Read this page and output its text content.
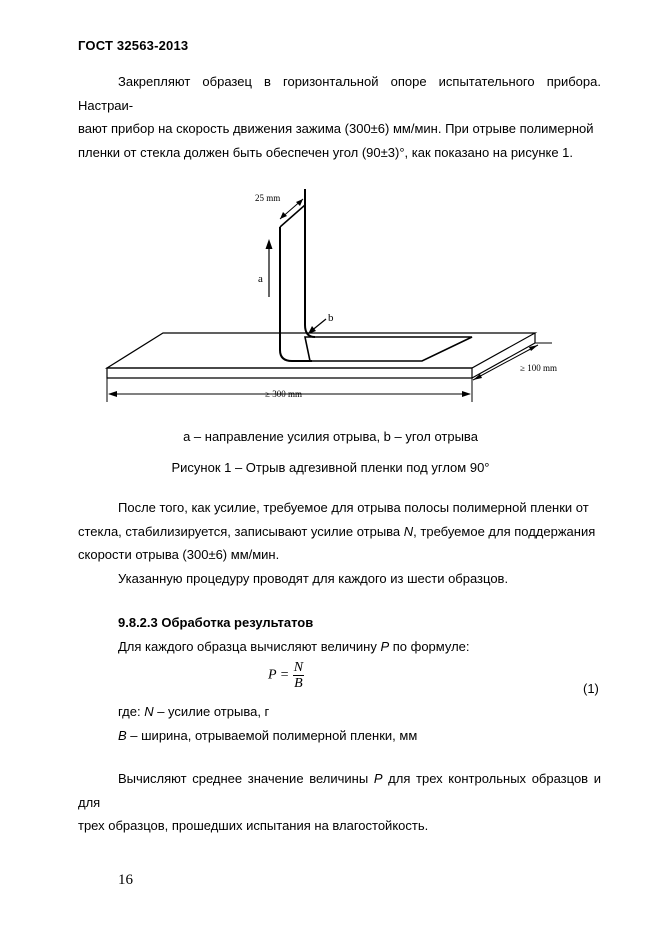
ГОСТ 32563-2013

Закрепляют образец в горизонтальной опоре испытательного прибора. Настраи-

вают прибор на скорость движения зажима (300±6) мм/мин. При отрыве полимерной

пленки от стекла должен быть обеспечен угол (90±3)°, как показано на рисунке 1.

25 mm
a
b
≥ 100 mm
≥ 300 mm
a – направление усилия отрыва, b – угол отрыва
Рисунок 1 – Отрыв адгезивной пленки под углом 90°

После того, как усилие, требуемое для отрыва полосы полимерной пленки от

стекла, стабилизируется, записывают усилие отрыва N, требуемое для поддержания

скорости отрыва (300±6) мм/мин.

Указанную процедуру проводят для каждого из шести образцов.

9.8.2.3 Обработка результатов

Для каждого образца вычисляют величину P по формуле:

$P = \frac{N}{B}$	(1)

где: N – усилие отрыва, г

B – ширина, отрываемой полимерной пленки, мм

Вычисляют среднее значение величины P для трех контрольных образцов и для

трех образцов, прошедших испытания на влагостойкость.

16
